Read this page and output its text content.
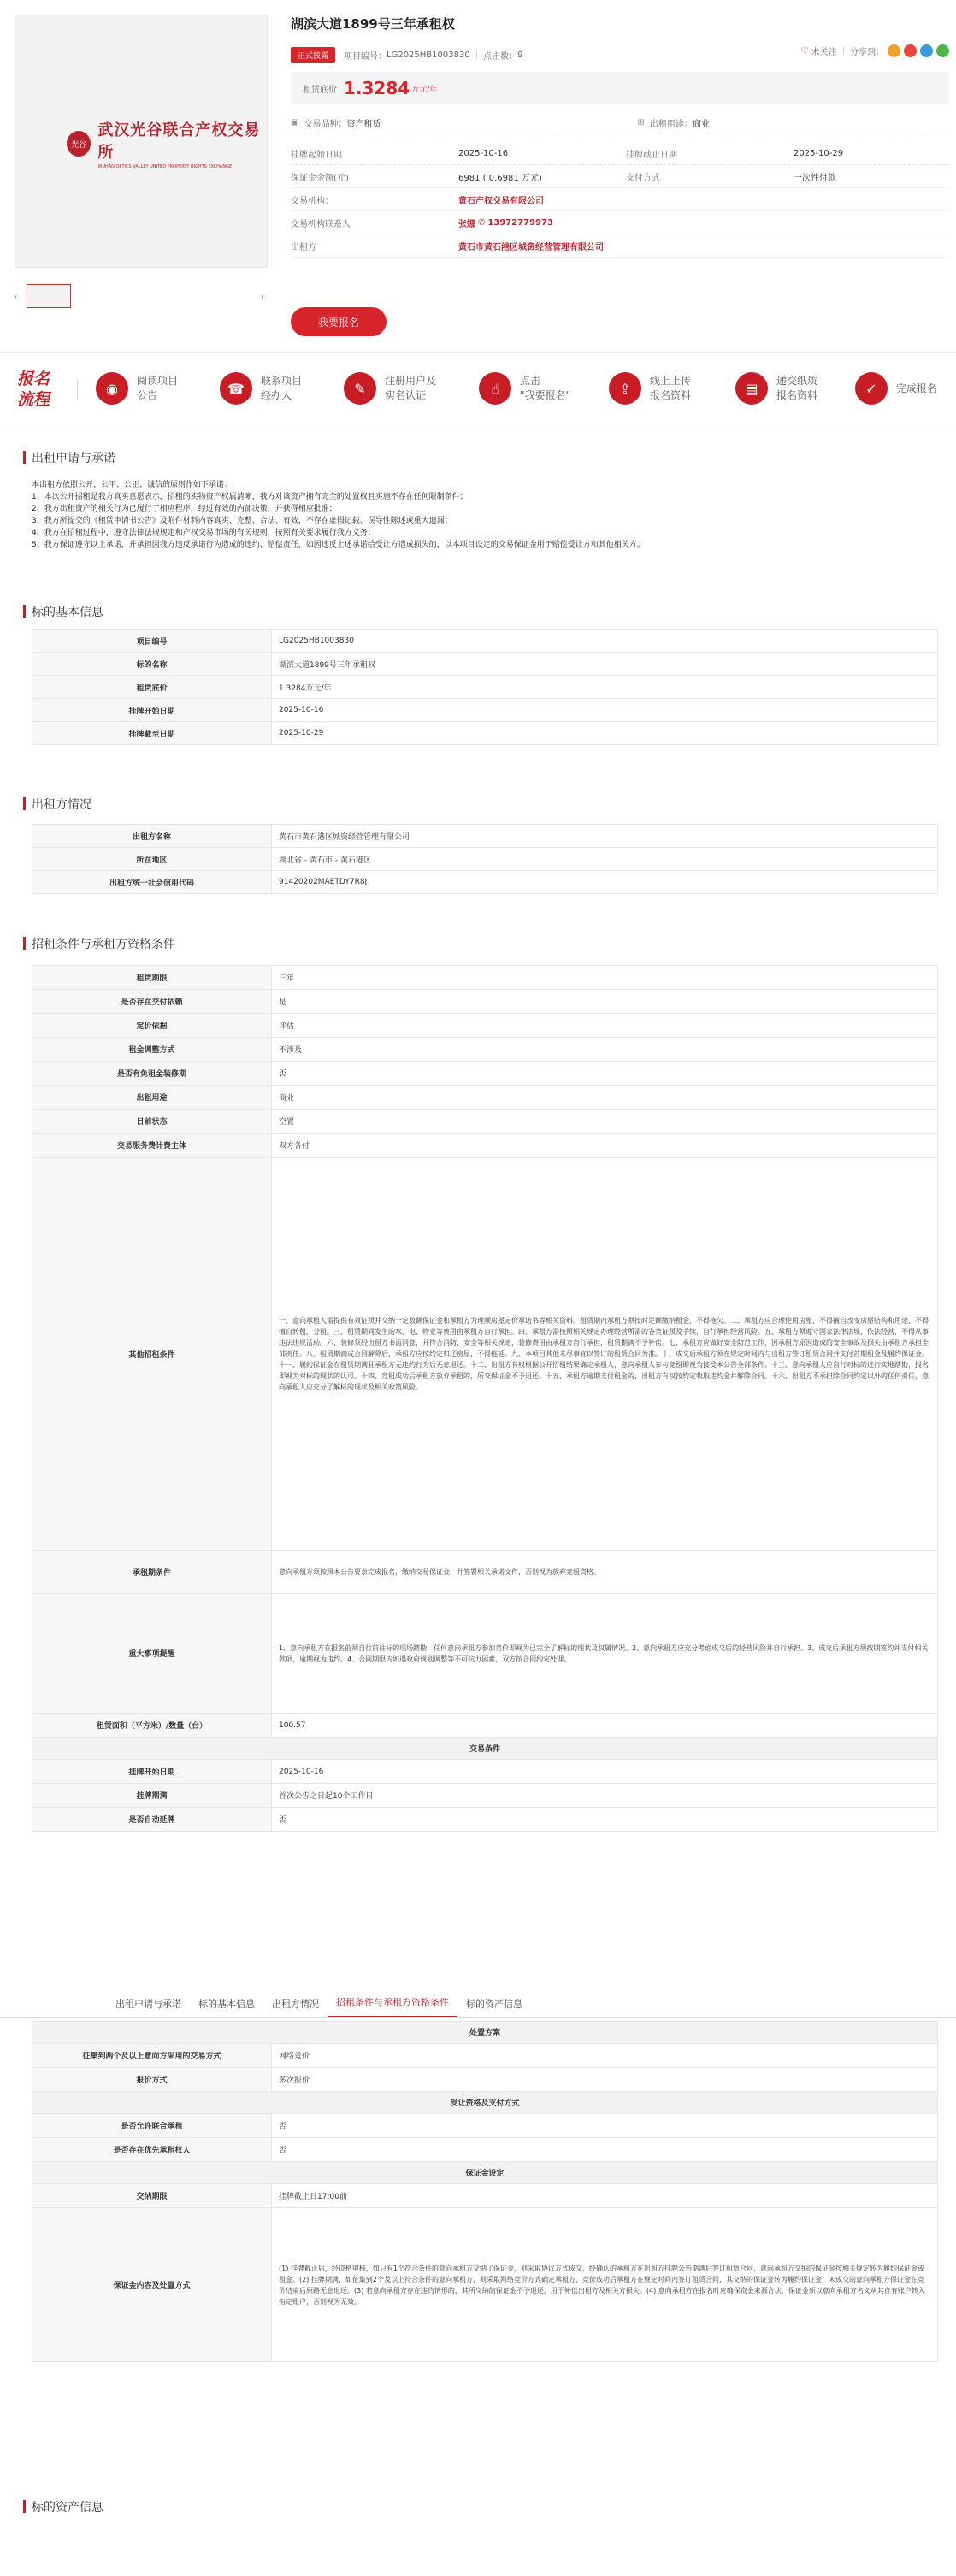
光谷
武汉光谷联合产权交易所
WUHAN OPTICS VALLEY UNITED PROPERTY RIGHTS EXCHANGE
‹	›
湖滨大道1899号三年承租权
正式披露	项目编号： LG2025HB1003830 | 点击数： 9	♡ 未关注 | 分享到：
租赁底价 1.3284 万元/年
▣ 交易品种： 资产租赁	⊞ 出租用途： 商业
挂牌起始日期	2025-10-16	挂牌截止日期	2025-10-29
保证金金额(元)	6981 ( 0.6981 万元)	支付方式	一次性付款
交易机构：	黄石产权交易有限公司
交易机构联系人	张娜 ✆ 13972779973
出租方	黄石市黄石港区城资经营管理有限公司
我要报名
报名
流程
◉	阅读项目
公告	☎	联系项目
经办人	✎	注册用户及
实名认证	☝	点击
"我要报名"	⇪	线上上传
报名资料	▤	递交纸质
报名资料	✓	完成报名
出租申请与承诺
本出租方依照公开、公平、公正、诚信的原则作如下承诺：
1、本次公开招租是我方真实意愿表示，招租的实物资产权属清晰，我方对该资产拥有完全的处置权且实施不存在任何限制条件；
2、我方出租资产的相关行为已履行了相应程序，经过有效的内部决策，并获得相应批准；
3、我方所提交的《租赁申请书公告》及附件材料内容真实、完整、合法、有效，不存在虚假记载、误导性陈述或重大遗漏；
4、我方在招租过程中，遵守法律法规规定和产权交易市场的有关规则，按照有关要求履行我方义务；
5、我方保证遵守以上承诺，并承担因我方违反承诺行为造成的违约、赔偿责任，如因违反上述承诺给受让方造成损失的，以本项目设定的交易保证金用于赔偿受让方和其他相关方。
标的基本信息
项目编号	LG2025HB1003830
标的名称	湖滨大道1899号三年承租权
租赁底价	1.3284万元/年
挂牌开始日期	2025-10-16
挂牌截至日期	2025-10-29
出租方情况
出租方名称	黄石市黄石港区城资经营管理有限公司
所在地区	湖北省 - 黄石市 - 黄石港区
出租方统一社会信用代码	91420202MAETDY7R8J
招租条件与承租方资格条件
租赁期限	三年
是否存在交付依赖	是
定价依据	评估
租金调整方式	不涉及
是否有免租金装修期	否
出租用途	商业
目前状态	空置
交易服务费计费主体	双方各付
其他招租条件	一、意向承租人需提供有效证照并交纳一定数额保证金和承租方为理顺房屋定价承诺书等相关资料。租赁期内承租方须按时足额缴纳租金，不得拖欠。二、承租方应合理使用房屋，不得擅自改变房屋结构和用途，不得擅自转租、分租。三、租赁期间发生的水、电、物业等费用由承租方自行承担。四、承租方需按照相关规定办理经营所需的各类证照及手续，自行承担经营风险。五、承租方须遵守国家法律法规，依法经营，不得从事违法违规活动。六、装修须经出租方书面同意，并符合消防、安全等相关规定，装修费用由承租方自行承担，租赁期满不予补偿。七、承租方应做好安全防范工作，因承租方原因造成的安全事故及损失由承租方承担全部责任。八、租赁期满或合同解除后，承租方应按约定归还房屋，不得拖延。九、本项目其他未尽事宜以签订的租赁合同为准。十、成交后承租方须在规定时间内与出租方签订租赁合同并支付首期租金及履约保证金。十一、履约保证金在租赁期满且承租方无违约行为后无息退还。十二、出租方有权根据公开招租结果确定承租人，意向承租人参与竞租即视为接受本公告全部条件。十三、意向承租人应自行对标的进行实地踏勘，报名即视为对标的现状的认可。十四、竞租成功后承租方放弃承租的，所交保证金不予退还。十五、承租方逾期支付租金的，出租方有权按约定收取违约金并解除合同。十六、出租方不承担除合同约定以外的任何责任，意向承租人应充分了解标的现状及相关政策风险。
承租期条件	意向承租方须按照本公告要求完成报名，缴纳交易保证金，并签署相关承诺文件，否则视为放弃竞租资格。
重大事项提醒	1、意向承租方在报名前须自行前往标的现场踏勘，任何意向承租方参加竞价即视为已完全了解标的现状及权属情况。2、意向承租方应充分考虑成交后的经营风险并自行承担。3、成交后承租方须按期签约并支付相关款项，逾期视为违约。4、合同期限内如遇政府规划调整等不可抗力因素，双方按合同约定处理。
租赁面积（平方米）/数量（台）	100.57
交易条件	
挂牌开始日期	2025-10-16
挂牌期满	首次公告之日起10个工作日
是否自动延牌	否
出租申请与承诺	标的基本信息	出租方情况	招租条件与承租方资格条件	标的资产信息
处置方案	
征集到两个及以上意向方采用的交易方式	网络竞价
报价方式	多次报价
受让资格及支付方式	
是否允许联合承租	否
是否存在优先承租权人	否
保证金设定	
交纳期限	挂牌截止日17:00前
保证金内容及处置方式	(1) 挂牌截止后，经资格审核，如只有1个符合条件的意向承租方交纳了保证金，则采取协议方式成交，经确认的承租方在出租方挂牌公告期满后签订租赁合同，意向承租方交纳的保证金按相关规定转为履约保证金或租金。(2) 挂牌期满，如征集到2个及以上符合条件的意向承租方，则采取网络竞价方式确定承租方，竞价成功后承租方在规定时间内签订租赁合同，其交纳的保证金转为履约保证金，未成交的意向承租方保证金在竞价结束后原路无息退还。(3) 若意向承租方存在违约情形的，其所交纳的保证金不予退还，用于补偿出租方及相关方损失。(4) 意向承租方在报名时应确保资金来源合法，保证金须以意向承租方名义从其自有账户转入指定账户，否则视为无效。
标的资产信息
